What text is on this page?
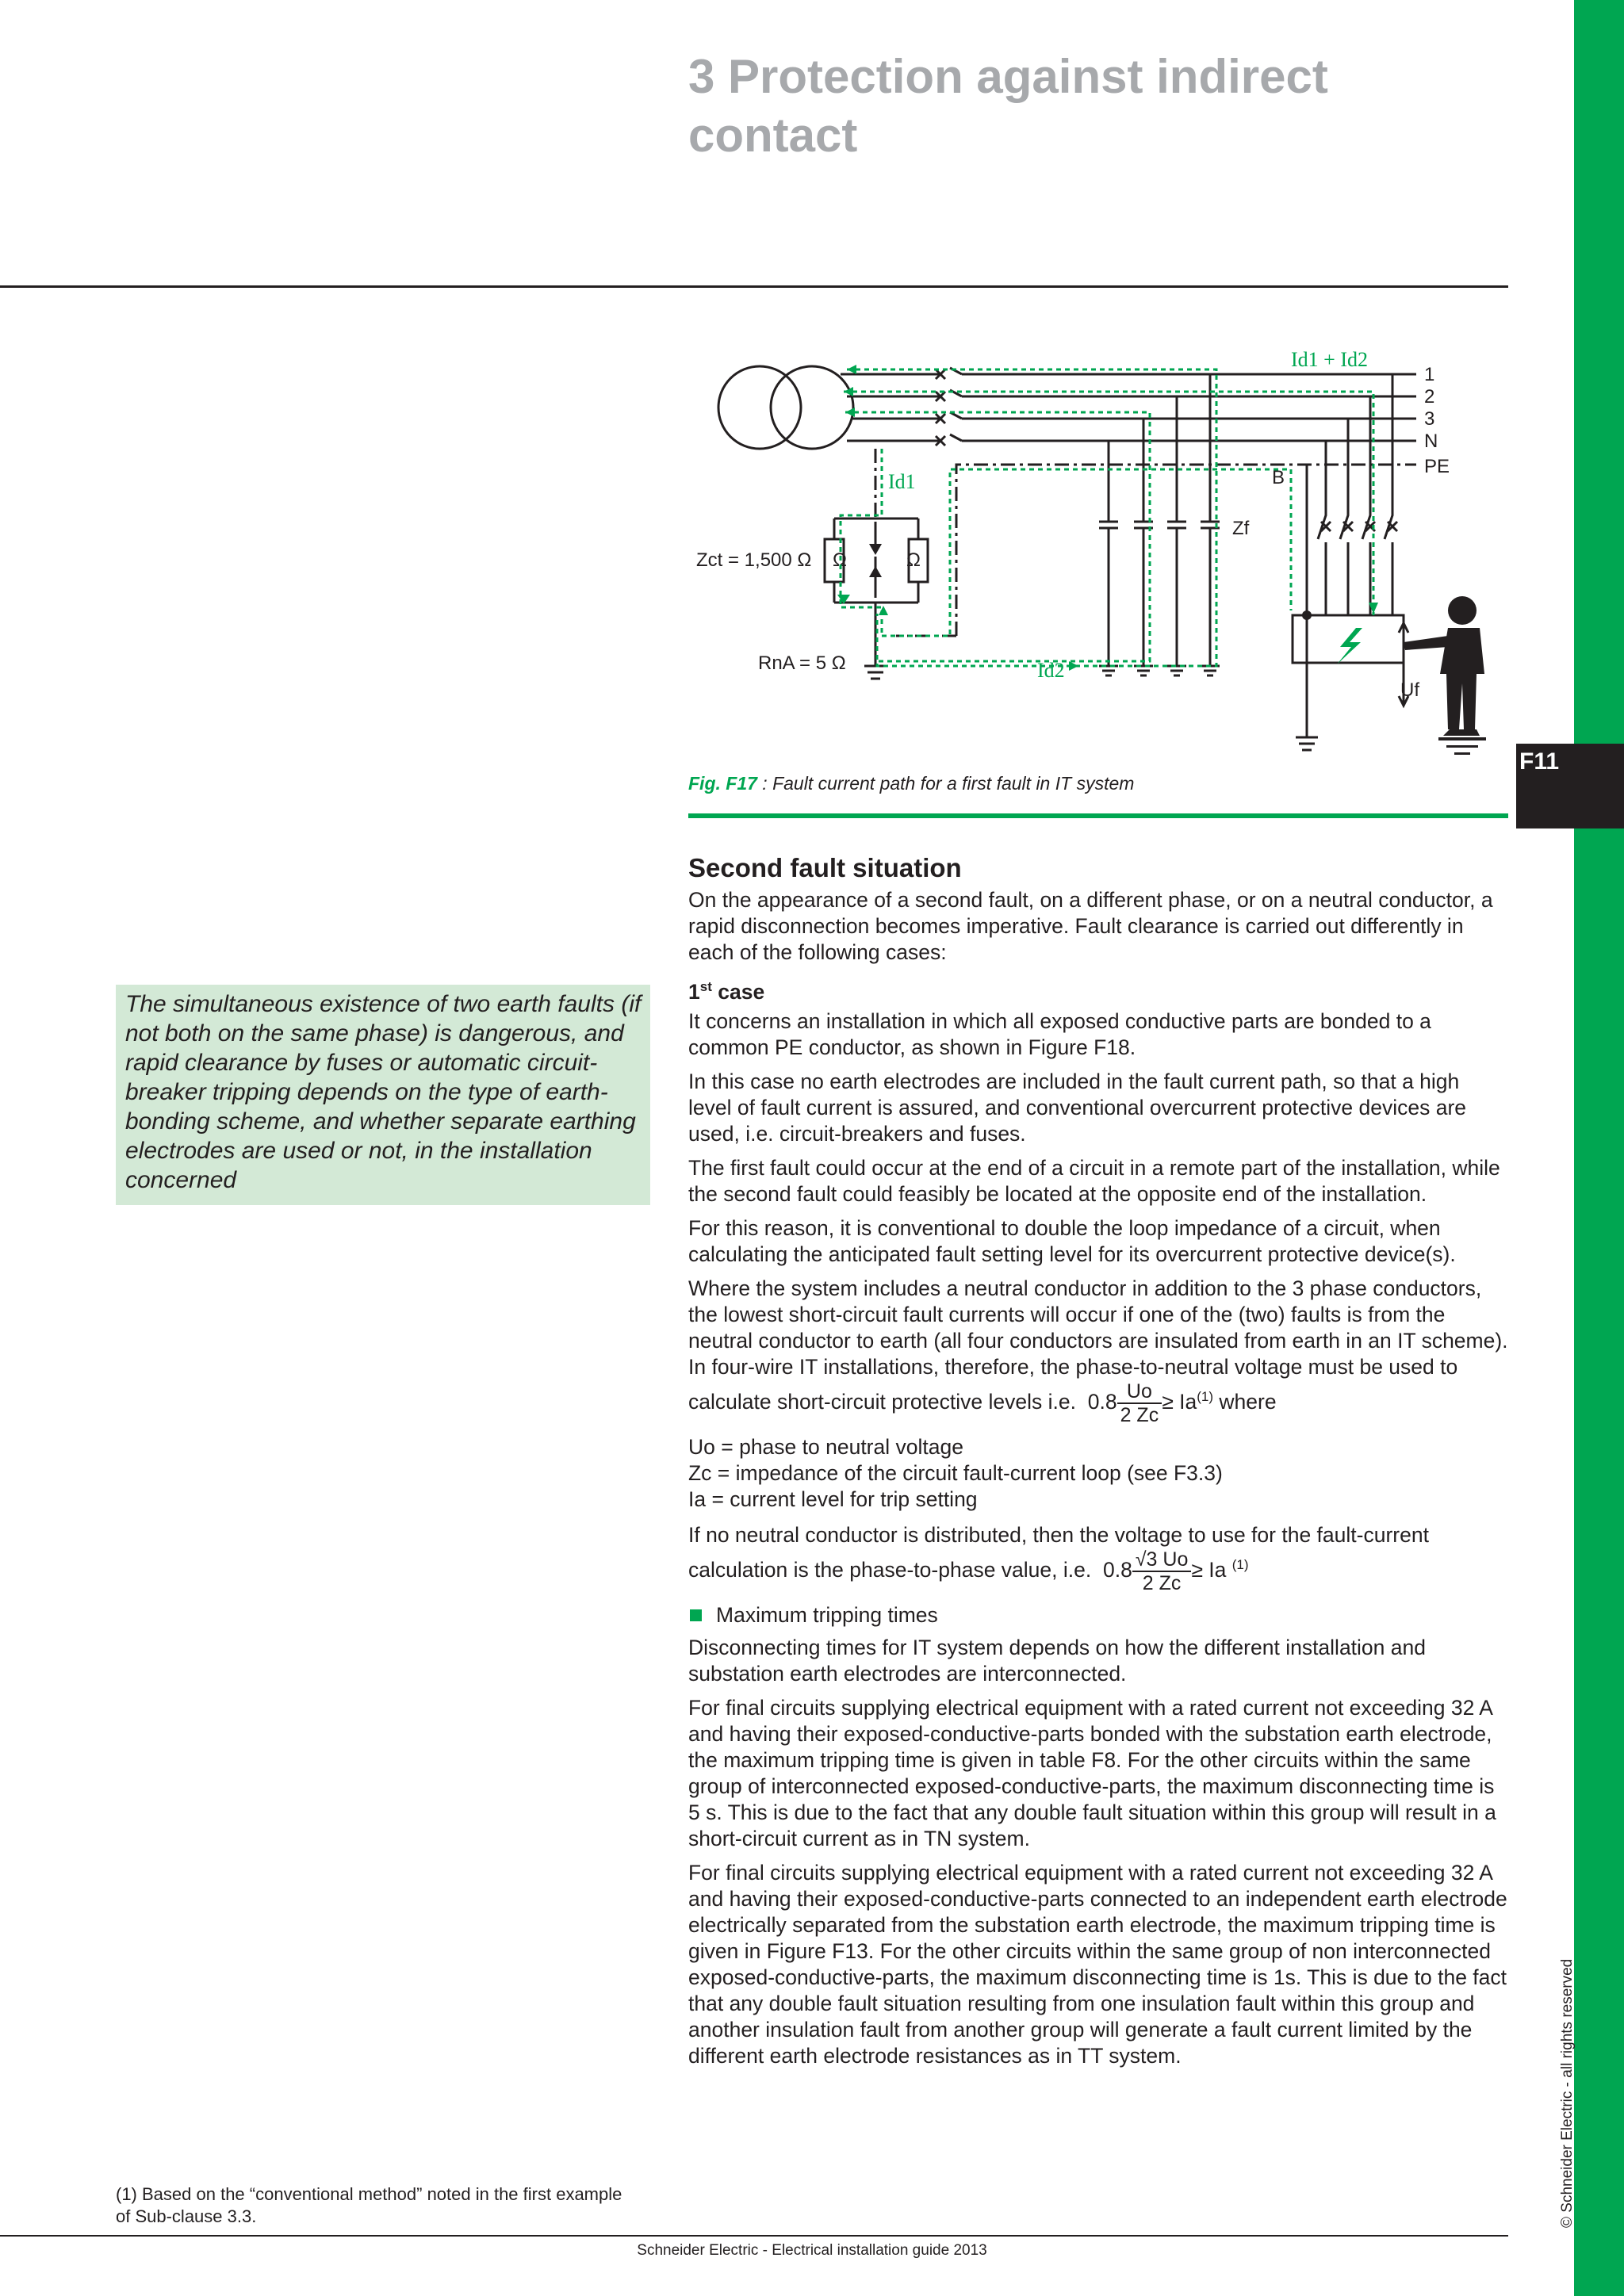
F11
© Schneider Electric - all rights reserved
3 Protection against indirect contact
1
2
3
N
PE
Ω	Ω
Zct = 1,500 Ω
RnA = 5 Ω
Zf
B
Uf
Id1 + Id2
Id1
Id2
Fig. F17 : Fault current path for a first fault in IT system
The simultaneous existence of two earth faults (if not both on the same phase) is dangerous, and rapid clearance by fuses or automatic circuit-breaker tripping depends on the type of earth-bonding scheme, and whether separate earthing electrodes are used or not, in the installation concerned
Second fault situation

On the appearance of a second fault, on a different phase, or on a neutral conductor, a rapid disconnection becomes imperative. Fault clearance is carried out differently in each of the following cases:

1st case

It concerns an installation in which all exposed conductive parts are bonded to a common PE conductor, as shown in Figure F18.

In this case no earth electrodes are included in the fault current path, so that a high level of fault current is assured, and conventional overcurrent protective devices are used, i.e. circuit-breakers and fuses.

The first fault could occur at the end of a circuit in a remote part of the installation, while the second fault could feasibly be located at the opposite end of the installation.

For this reason, it is conventional to double the loop impedance of a circuit, when calculating the anticipated fault setting level for its overcurrent protective device(s).

Where the system includes a neutral conductor in addition to the 3 phase conductors, the lowest short-circuit fault currents will occur if one of the (two) faults is from the neutral conductor to earth (all four conductors are insulated from earth in an IT scheme). In four-wire IT installations, therefore, the phase-to-neutral voltage must be used to calculate short-circuit protective levels i.e. $0.8 \frac{Uo}{2 Zc} \ge Ia^{(1)}$ where

Uo = phase to neutral voltage
Zc = impedance of the circuit fault-current loop (see F3.3)
Ia = current level for trip setting

If no neutral conductor is distributed, then the voltage to use for the fault-current calculation is the phase-to-phase value, i.e. $0.8 \frac{√3 Uo}{2 Zc} \ge Ia$ $^{(1)}$

Maximum tripping times

Disconnecting times for IT system depends on how the different installation and substation earth electrodes are interconnected.

For final circuits supplying electrical equipment with a rated current not exceeding 32 A and having their exposed-conductive-parts bonded with the substation earth electrode, the maximum tripping time is given in table F8. For the other circuits within the same group of interconnected exposed-conductive-parts, the maximum disconnecting time is 5 s. This is due to the fact that any double fault situation within this group will result in a short-circuit current as in TN system.

For final circuits supplying electrical equipment with a rated current not exceeding 32 A and having their exposed-conductive-parts connected to an independent earth electrode electrically separated from the substation earth electrode, the maximum tripping time is given in Figure F13. For the other circuits within the same group of non interconnected exposed-conductive-parts, the maximum disconnecting time is 1s. This is due to the fact that any double fault situation resulting from one insulation fault within this group and another insulation fault from another group will generate a fault current limited by the different earth electrode resistances as in TT system.

(1) Based on the “conventional method” noted in the first example of Sub-clause 3.3.
Schneider Electric - Electrical installation guide 2013
